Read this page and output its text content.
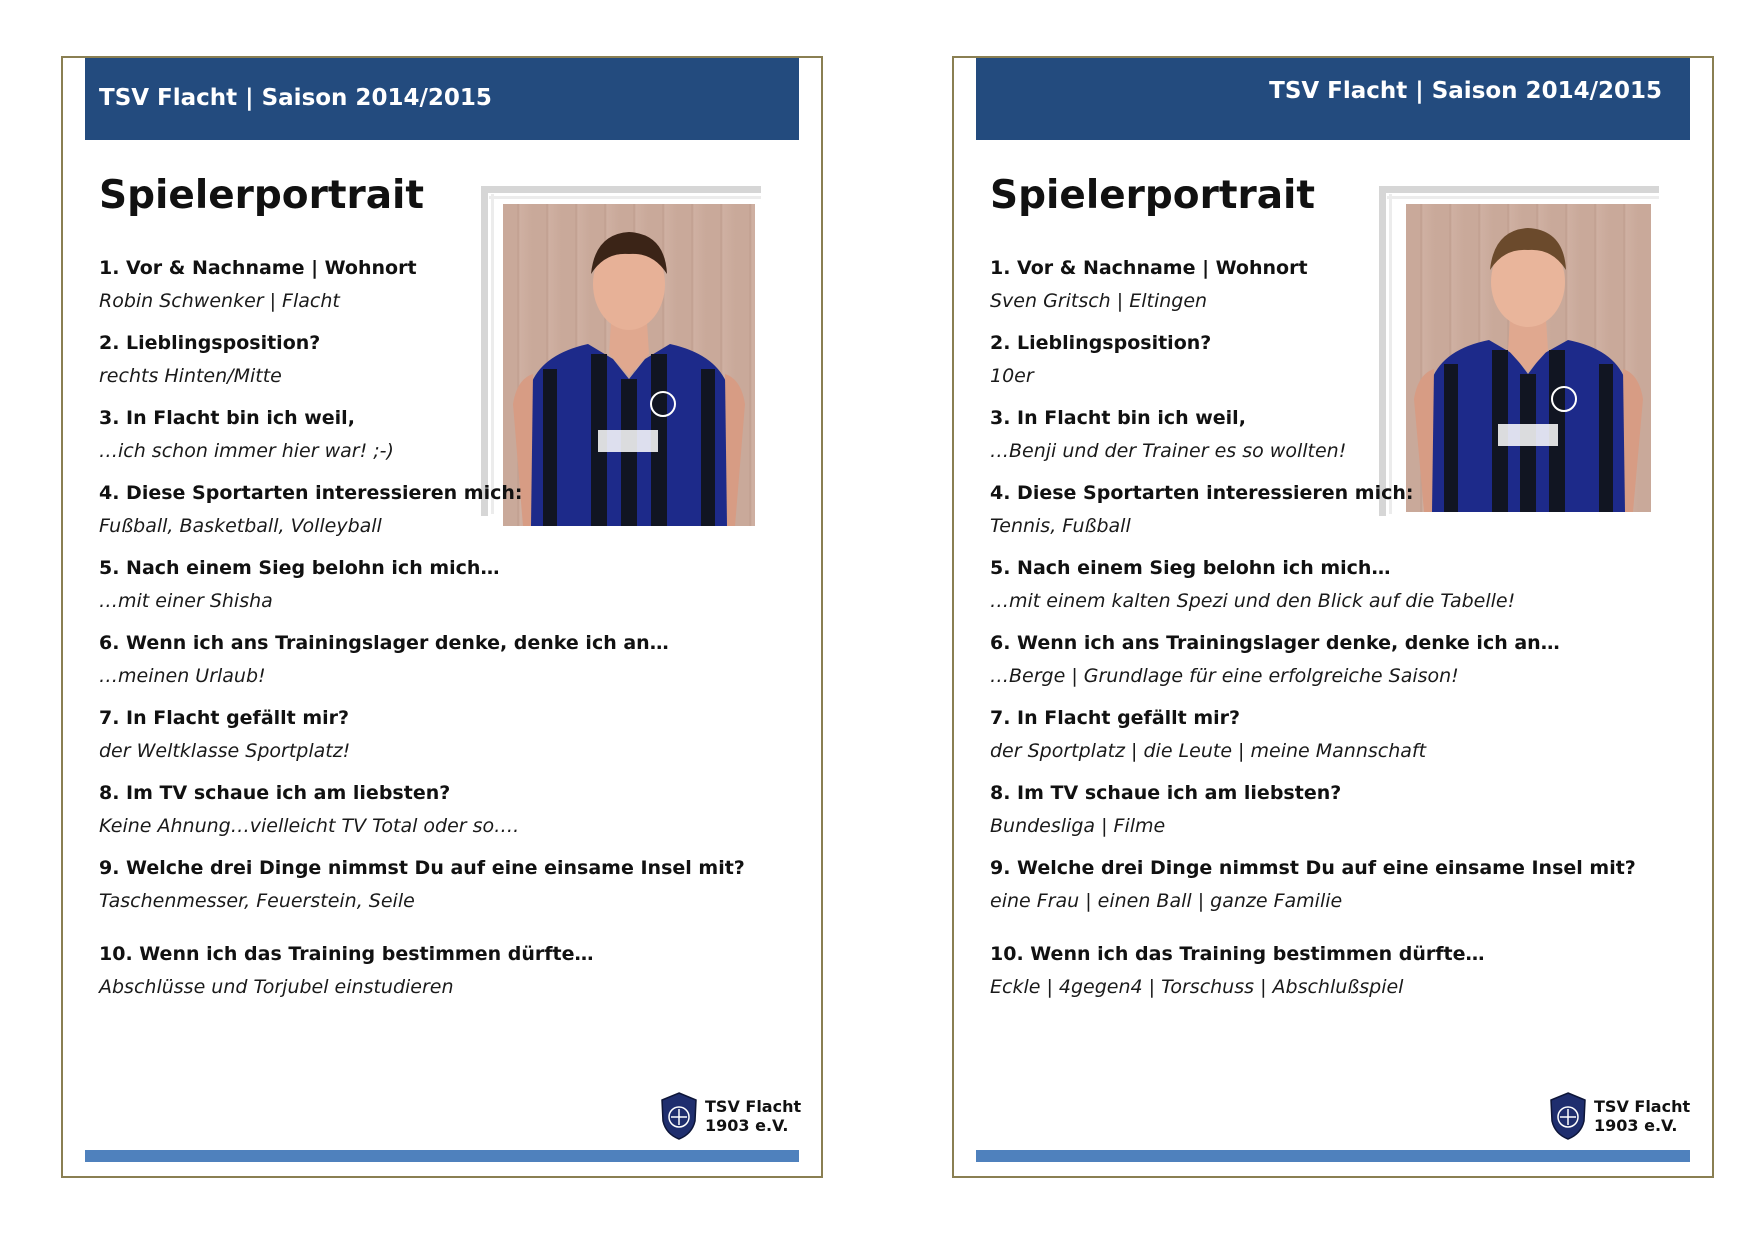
TSV Flacht | Saison 2014/2015
Spielerportrait
1. Vor & Nachname | Wohnort
Robin Schwenker | Flacht
2. Lieblingsposition?
rechts Hinten/Mitte
3. In Flacht bin ich weil,
…ich schon immer hier war! ;-)
4. Diese Sportarten interessieren mich:
Fußball, Basketball, Volleyball
5. Nach einem Sieg belohn ich mich…
…mit einer Shisha
6. Wenn ich ans Trainingslager denke, denke ich an…
…meinen Urlaub!
7. In Flacht gefällt mir?
der Weltklasse Sportplatz!
8. Im TV schaue ich am liebsten?
Keine Ahnung…vielleicht TV Total oder so….
9. Welche drei Dinge nimmst Du auf eine einsame Insel mit?
Taschenmesser, Feuerstein, Seile
10. Wenn ich das Training bestimmen dürfte…
Abschlüsse und Torjubel einstudieren
TSV Flacht
1903 e.V.
TSV Flacht | Saison 2014/2015
Spielerportrait
1. Vor & Nachname | Wohnort
Sven Gritsch | Eltingen
2. Lieblingsposition?
10er
3. In Flacht bin ich weil,
…Benji und der Trainer es so wollten!
4. Diese Sportarten interessieren mich:
Tennis, Fußball
5. Nach einem Sieg belohn ich mich…
…mit einem kalten Spezi und den Blick auf die Tabelle!
6. Wenn ich ans Trainingslager denke, denke ich an…
…Berge | Grundlage für eine erfolgreiche Saison!
7. In Flacht gefällt mir?
der Sportplatz | die Leute | meine Mannschaft
8. Im TV schaue ich am liebsten?
Bundesliga | Filme
9. Welche drei Dinge nimmst Du auf eine einsame Insel mit?
eine Frau | einen Ball | ganze Familie
10. Wenn ich das Training bestimmen dürfte…
Eckle | 4gegen4 | Torschuss | Abschlußspiel
TSV Flacht
1903 e.V.
